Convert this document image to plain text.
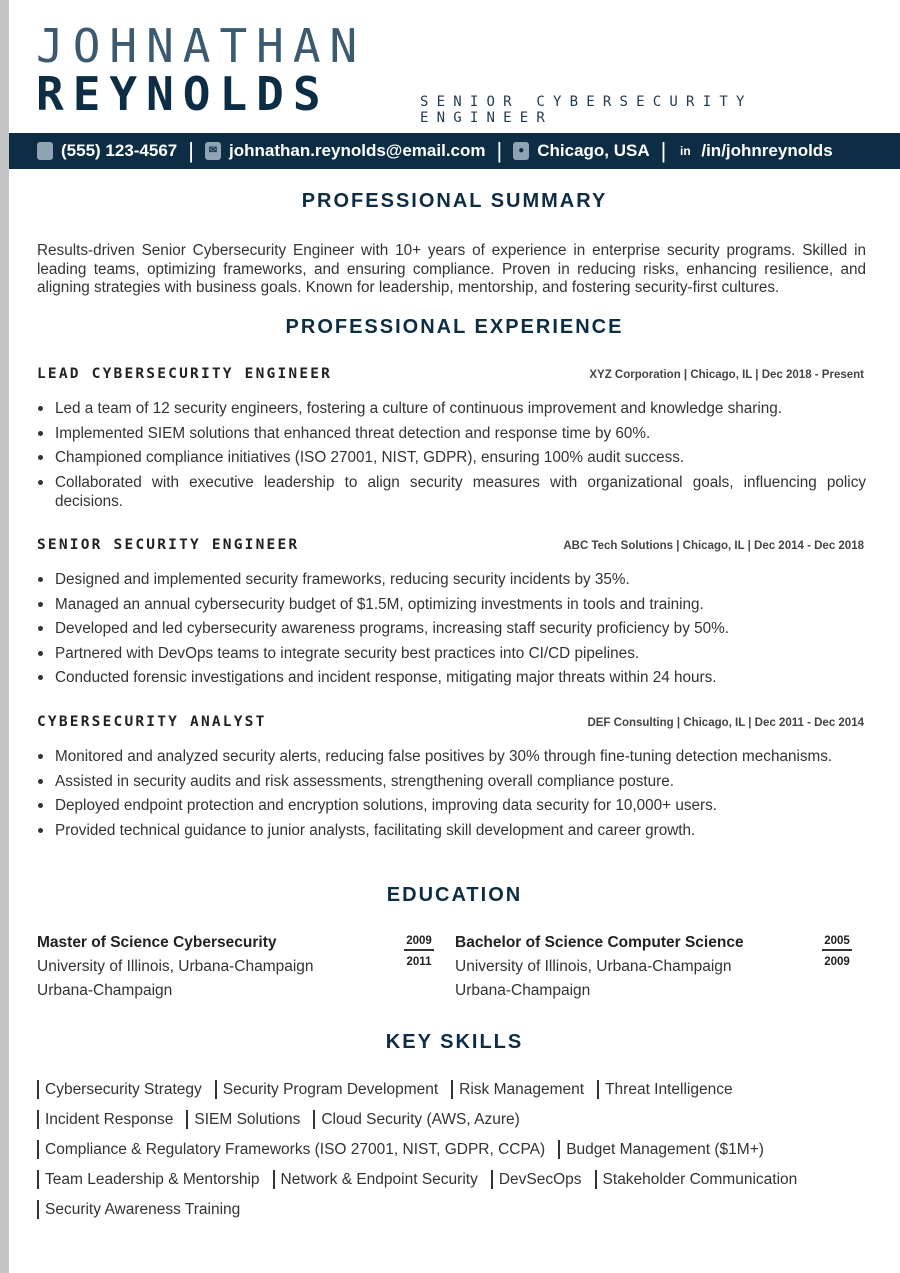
JOHNATHAN
REYNOLDS	SENIOR CYBERSECURITY ENGINEER
(555) 123-4567 |	✉ johnathan.reynolds@email.com |	● Chicago, USA | in /in/johnreynolds
PROFESSIONAL SUMMARY
Results-driven Senior Cybersecurity Engineer with 10+ years of experience in enterprise security programs. Skilled in leading teams, optimizing frameworks, and ensuring compliance. Proven in reducing risks, enhancing resilience, and aligning strategies with business goals. Known for leadership, mentorship, and fostering security-first cultures.
PROFESSIONAL EXPERIENCE
LEAD CYBERSECURITY ENGINEER	XYZ Corporation | Chicago, IL | Dec 2018 - Present
Led a team of 12 security engineers, fostering a culture of continuous improvement and knowledge sharing.
Implemented SIEM solutions that enhanced threat detection and response time by 60%.
Championed compliance initiatives (ISO 27001, NIST, GDPR), ensuring 100% audit success.
Collaborated with executive leadership to align security measures with organizational goals, influencing policy decisions.
SENIOR SECURITY ENGINEER	ABC Tech Solutions | Chicago, IL | Dec 2014 - Dec 2018
Designed and implemented security frameworks, reducing security incidents by 35%.
Managed an annual cybersecurity budget of $1.5M, optimizing investments in tools and training.
Developed and led cybersecurity awareness programs, increasing staff security proficiency by 50%.
Partnered with DevOps teams to integrate security best practices into CI/CD pipelines.
Conducted forensic investigations and incident response, mitigating major threats within 24 hours.
CYBERSECURITY ANALYST	DEF Consulting | Chicago, IL | Dec 2011 - Dec 2014
Monitored and analyzed security alerts, reducing false positives by 30% through fine-tuning detection mechanisms.
Assisted in security audits and risk assessments, strengthening overall compliance posture.
Deployed endpoint protection and encryption solutions, improving data security for 10,000+ users.
Provided technical guidance to junior analysts, facilitating skill development and career growth.
EDUCATION
Master of Science Cybersecurity
University of Illinois, Urbana-Champaign
Urbana-Champaign
2009
2011
Bachelor of Science Computer Science
University of Illinois, Urbana-Champaign
Urbana-Champaign
2005
2009
KEY SKILLS
Cybersecurity Strategy Security Program Development Risk Management Threat Intelligence
Incident Response SIEM Solutions Cloud Security (AWS, Azure)
Compliance & Regulatory Frameworks (ISO 27001, NIST, GDPR, CCPA) Budget Management ($1M+)
Team Leadership & Mentorship Network & Endpoint Security DevSecOps Stakeholder Communication
Security Awareness Training
